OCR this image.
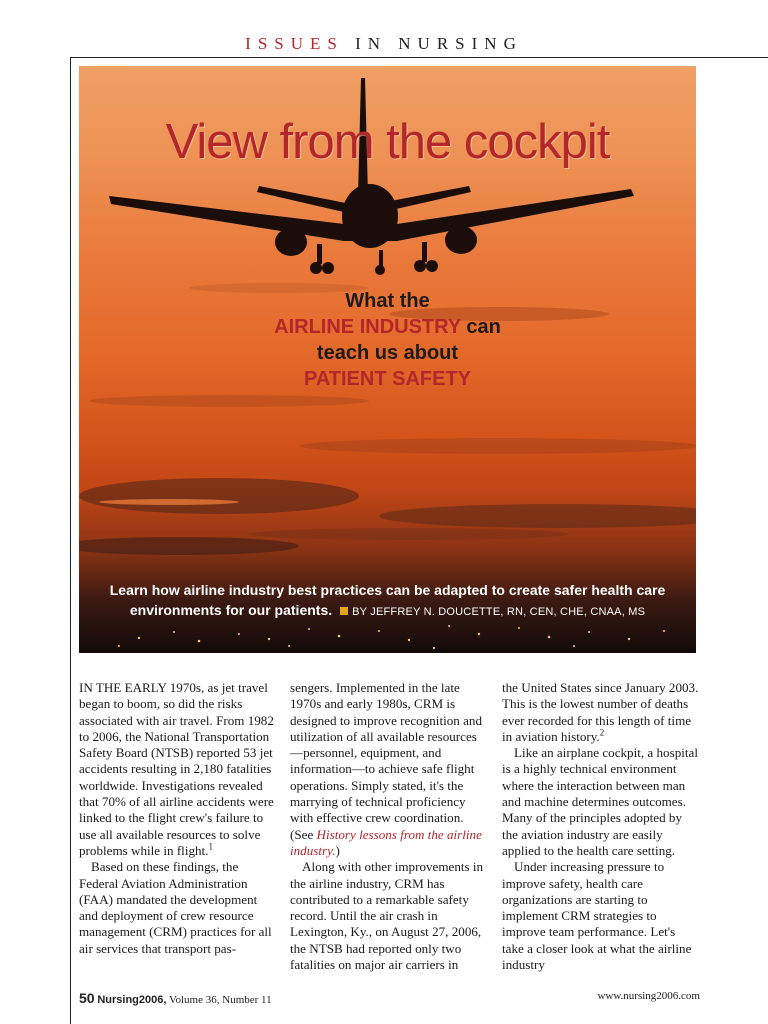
ISSUES IN NURSING
View from the cockpit
What the
AIRLINE INDUSTRY can
teach us about
PATIENT SAFETY
Learn how airline industry best practices can be adapted to create safer health care
environments for our patients. BY JEFFREY N. DOUCETTE, RN, CEN, CHE, CNAA, MS

IN THE EARLY 1970s, as jet travel began to boom, so did the risks associated with air travel. From 1982 to 2006, the National Transportation Safety Board (NTSB) reported 53 jet accidents resulting in 2,180 fatalities worldwide. Investigations revealed that 70% of all airline accidents were linked to the flight crew's failure to use all available resources to solve problems while in flight.$^1$

Based on these findings, the Federal Aviation Administration (FAA) mandated the development and deployment of crew resource management (CRM) practices for all air services that transport pas-

sengers. Implemented in the late 1970s and early 1980s, CRM is designed to improve recognition and utilization of all available resources—personnel, equipment, and information—to achieve safe flight operations. Simply stated, it's the marrying of technical proficiency with effective crew coordination. (See History lessons from the airline industry.)

Along with other improvements in the airline industry, CRM has contributed to a remarkable safety record. Until the air crash in Lexington, Ky., on August 27, 2006, the NTSB had reported only two fatalities on major air carriers in

the United States since January 2003. This is the lowest number of deaths ever recorded for this length of time in aviation history.$^2$

Like an airplane cockpit, a hospital is a highly technical environment where the interaction between man and machine determines outcomes. Many of the principles adopted by the aviation industry are easily applied to the health care setting.

Under increasing pressure to improve safety, health care organizations are starting to implement CRM strategies to improve team performance. Let's take a closer look at what the airline industry

50 Nursing2006, Volume 36, Number 11	www.nursing2006.com
